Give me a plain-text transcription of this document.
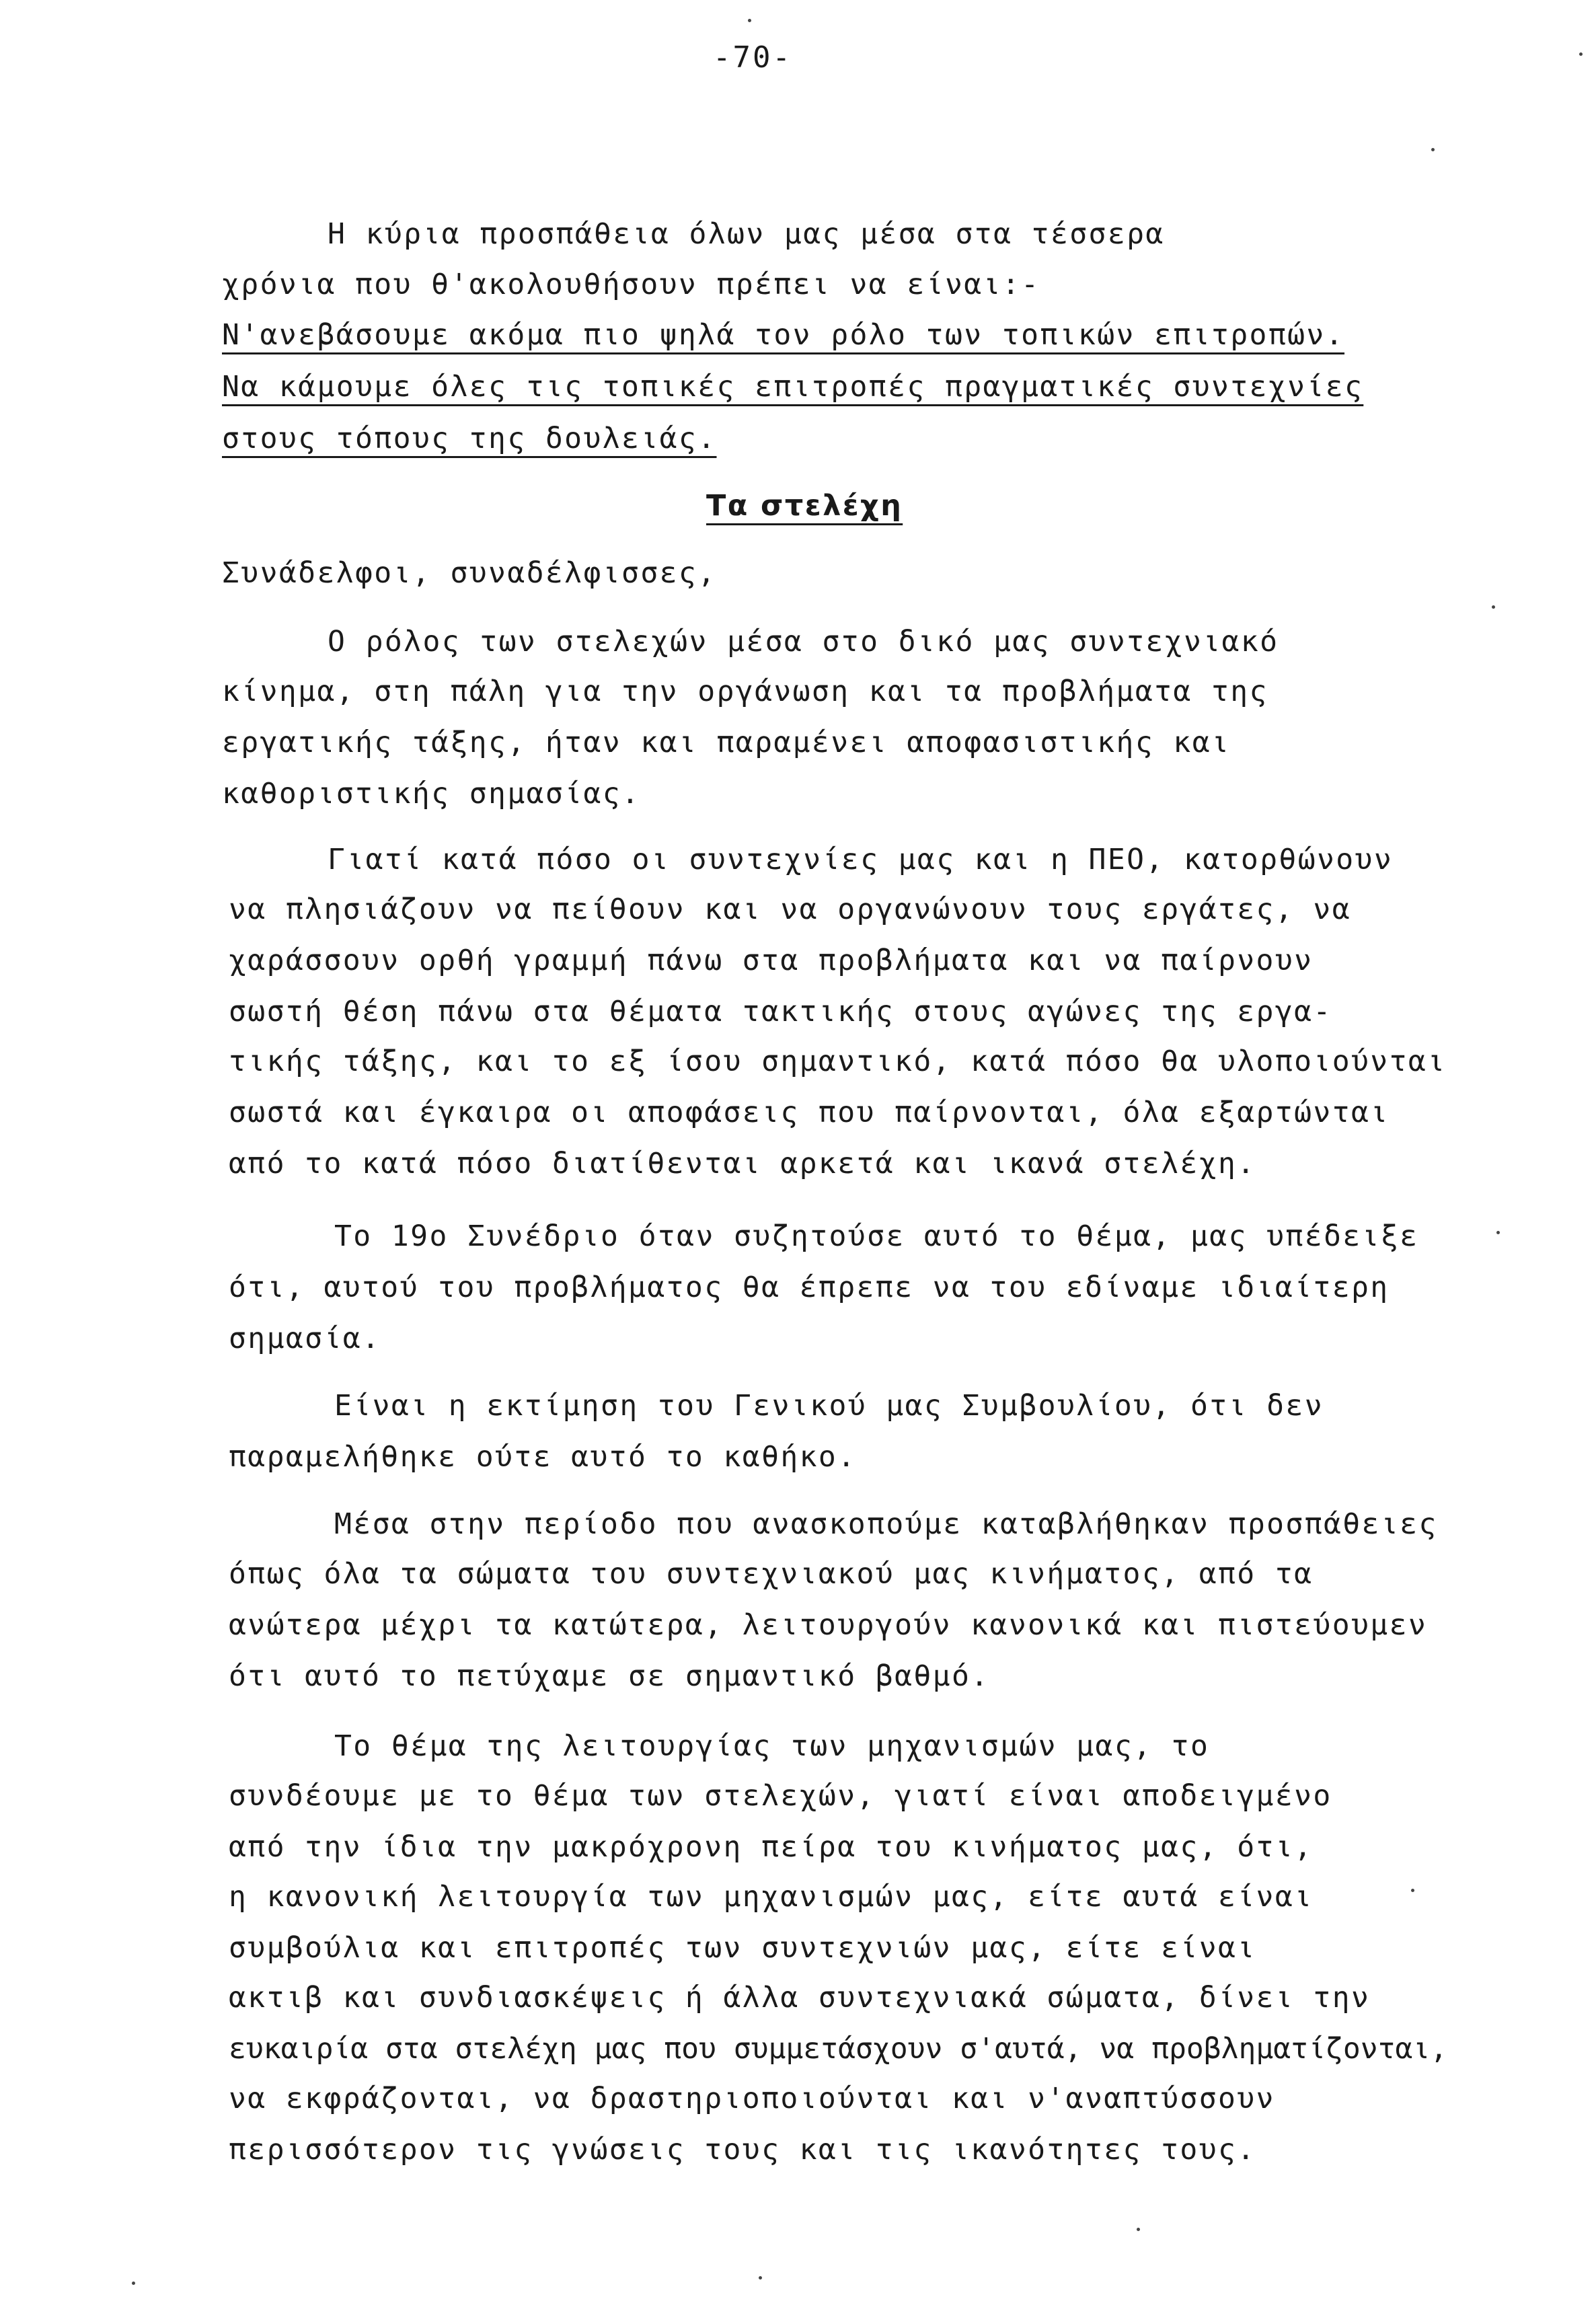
-70-
Η κύρια προσπάθεια όλων μας μέσα στα τέσσερα
χρόνια που θ'ακολουθήσουν πρέπει να είναι:-
Ν'ανεβάσουμε ακόμα πιο ψηλά τον ρόλο των τοπικών επιτροπών.
Να κάμουμε όλες τις τοπικές επιτροπές πραγματικές συντεχνίες
στους τόπους της δουλειάς.
Τα στελέχη
Συνάδελφοι, συναδέλφισσες,
Ο ρόλος των στελεχών μέσα στο δικό μας συντεχνιακό
κίνημα, στη πάλη για την οργάνωση και τα προβλήματα της
εργατικής τάξης, ήταν και παραμένει αποφασιστικής και
καθοριστικής σημασίας.
Γιατί κατά πόσο οι συντεχνίες μας και η ΠΕΟ, κατορθώνουν
να πλησιάζουν να πείθουν και να οργανώνουν τους εργάτες, να
χαράσσουν ορθή γραμμή πάνω στα προβλήματα και να παίρνουν
σωστή θέση πάνω στα θέματα τακτικής στους αγώνες της εργα-
τικής τάξης, και το εξ ίσου σημαντικό, κατά πόσο θα υλοποιούνται
σωστά και έγκαιρα οι αποφάσεις που παίρνονται, όλα εξαρτώνται
από το κατά πόσο διατίθενται αρκετά και ικανά στελέχη.
Το 19ο Συνέδριο όταν συζητούσε αυτό το θέμα, μας υπέδειξε
ότι, αυτού του προβλήματος θα έπρεπε να του εδίναμε ιδιαίτερη
σημασία.
Είναι η εκτίμηση του Γενικού μας Συμβουλίου, ότι δεν
παραμελήθηκε ούτε αυτό το καθήκο.
Μέσα στην περίοδο που ανασκοπούμε καταβλήθηκαν προσπάθειες
όπως όλα τα σώματα του συντεχνιακού μας κινήματος, από τα
ανώτερα μέχρι τα κατώτερα, λειτουργούν κανονικά και πιστεύουμεν
ότι αυτό το πετύχαμε σε σημαντικό βαθμό.
Το θέμα της λειτουργίας των μηχανισμών μας, το
συνδέουμε με το θέμα των στελεχών, γιατί είναι αποδειγμένο
από την ίδια την μακρόχρονη πείρα του κινήματος μας, ότι,
η κανονική λειτουργία των μηχανισμών μας, είτε αυτά είναι
συμβούλια και επιτροπές των συντεχνιών μας, είτε είναι
ακτιβ και συνδιασκέψεις ή άλλα συντεχνιακά σώματα, δίνει την
ευκαιρία στα στελέχη μας που συμμετάσχουν σ'αυτά, να προβληματίζονται,
να εκφράζονται, να δραστηριοποιούνται και ν'αναπτύσσουν
περισσότερον τις γνώσεις τους και τις ικανότητες τους.
